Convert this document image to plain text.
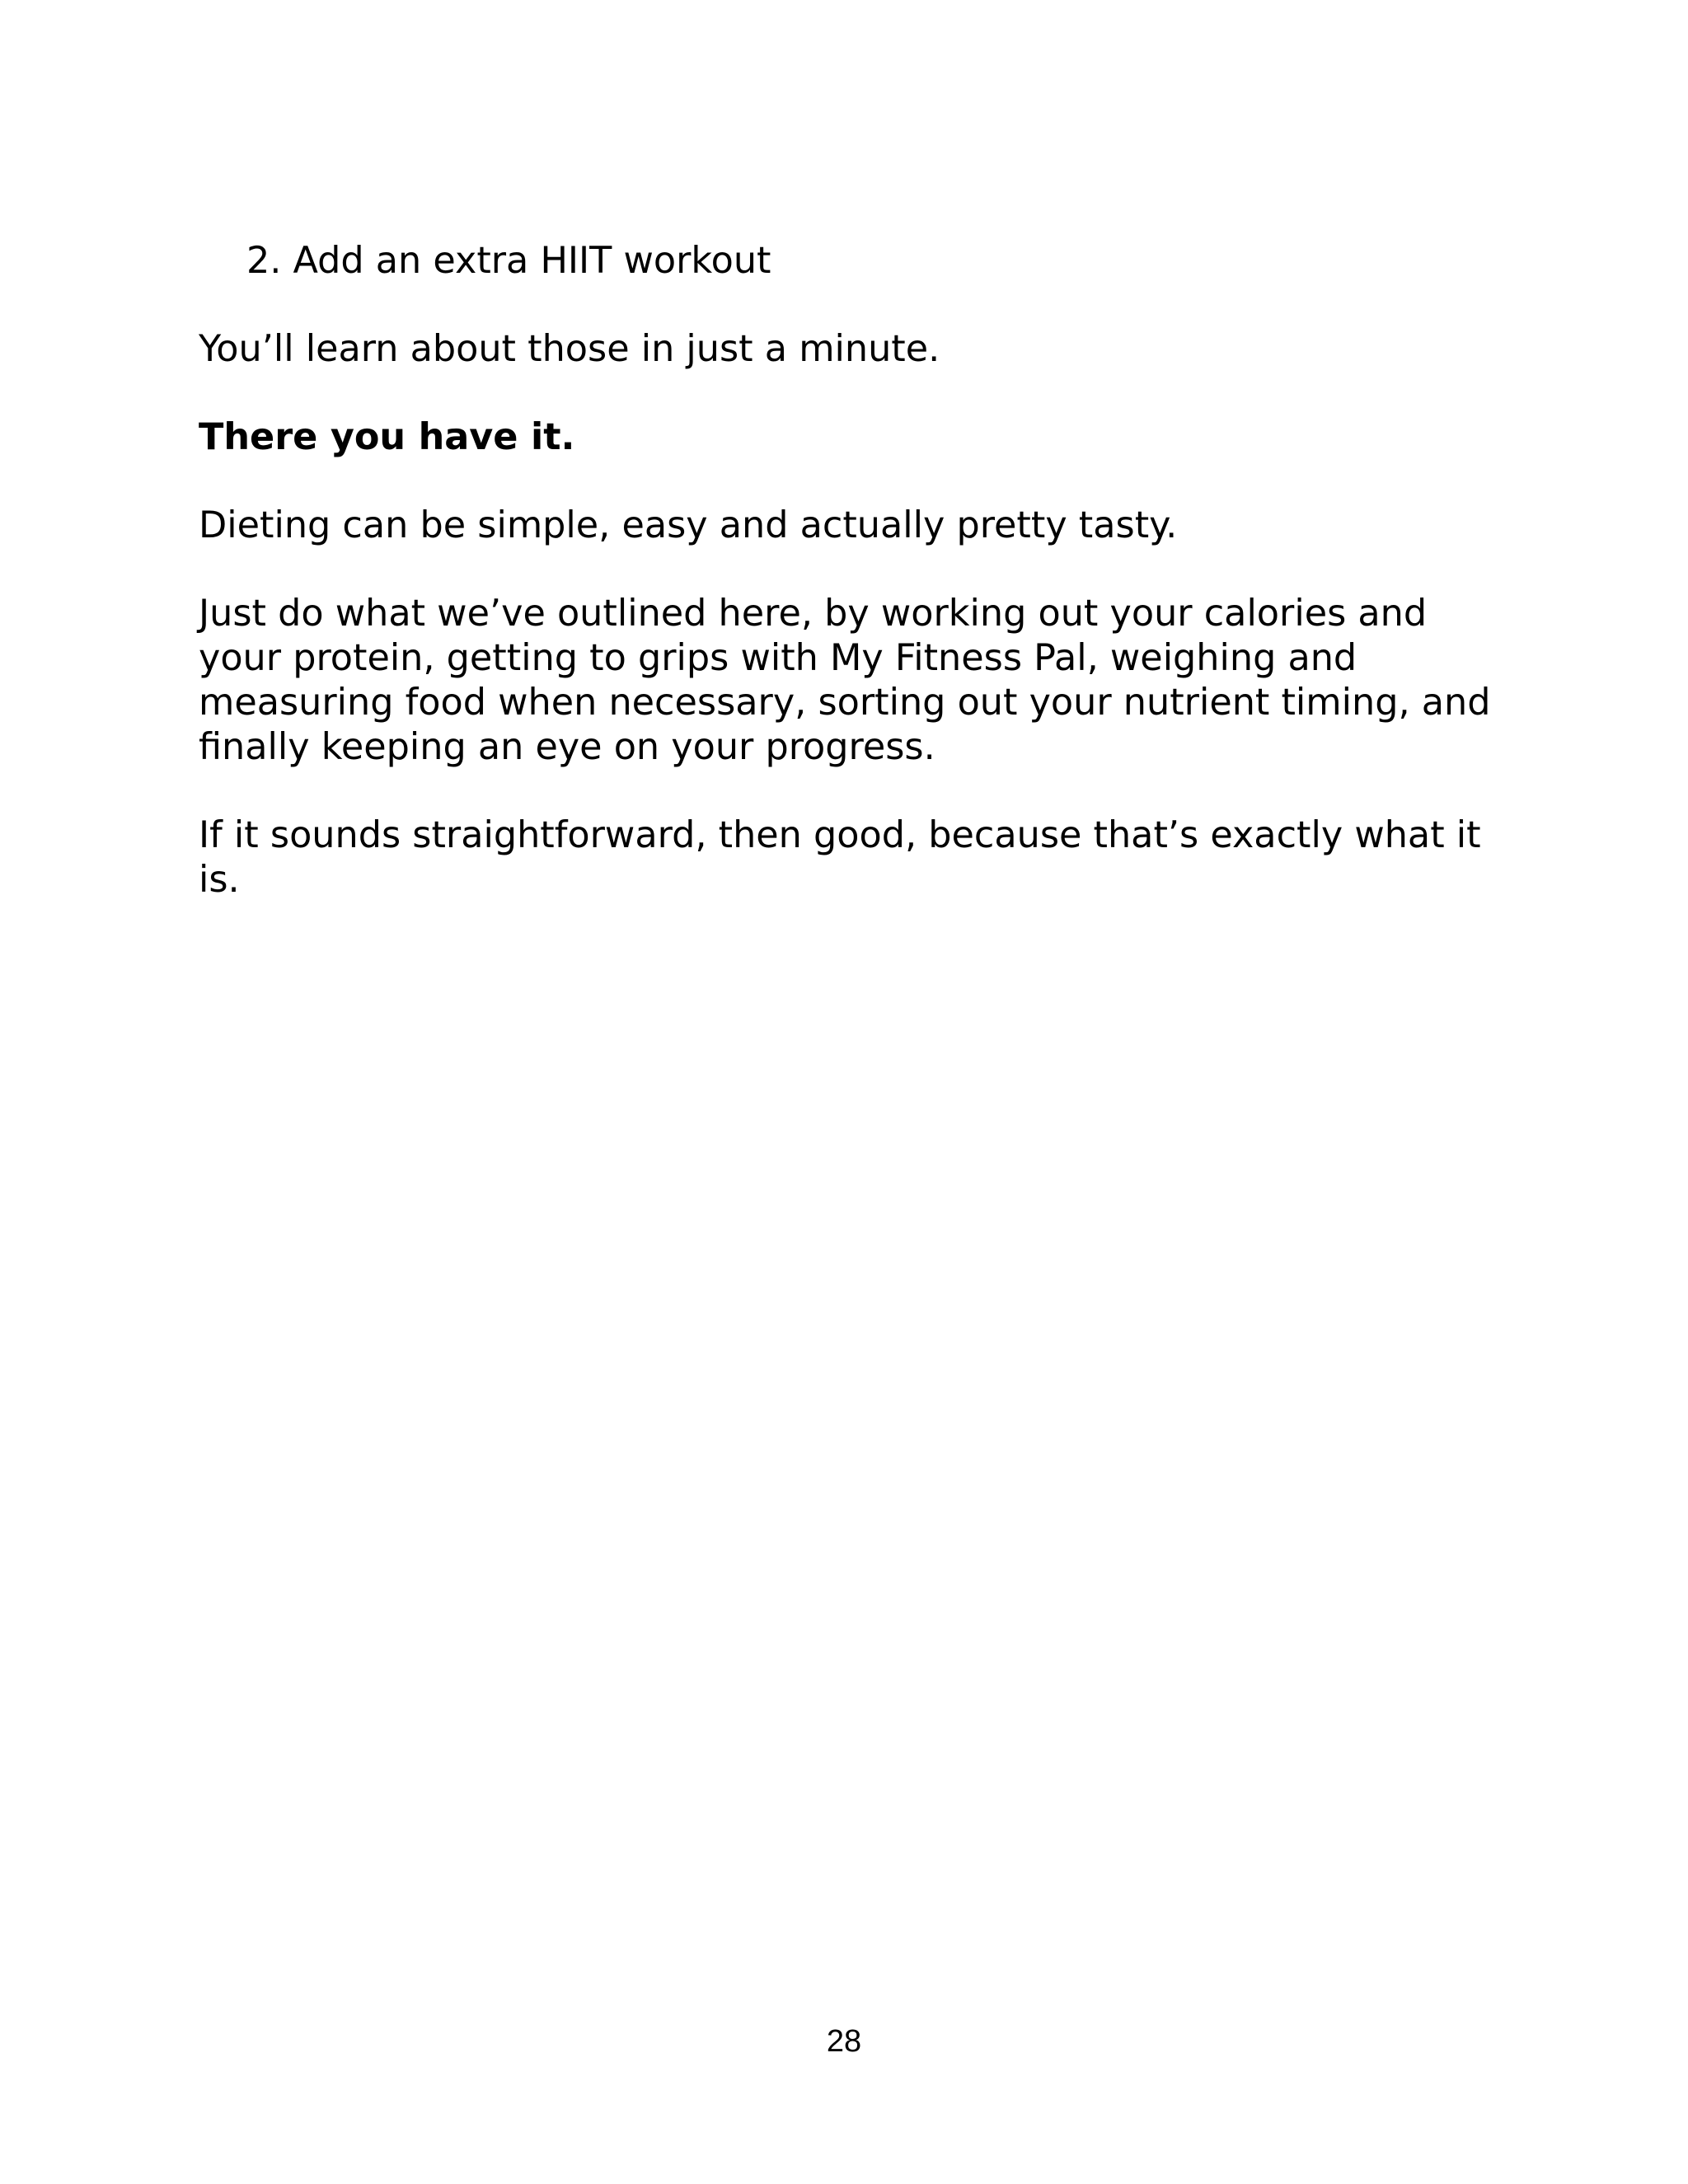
2. Add an extra HIIT workout

You’ll learn about those in just a minute.

There you have it.

Dieting can be simple, easy and actually pretty tasty.

Just do what we’ve outlined here, by working out your calories and your protein, getting to grips with My Fitness Pal, weighing and measuring food when necessary, sorting out your nutrient timing, and finally keeping an eye on your progress.

If it sounds straightforward, then good, because that’s exactly what it is.

28
